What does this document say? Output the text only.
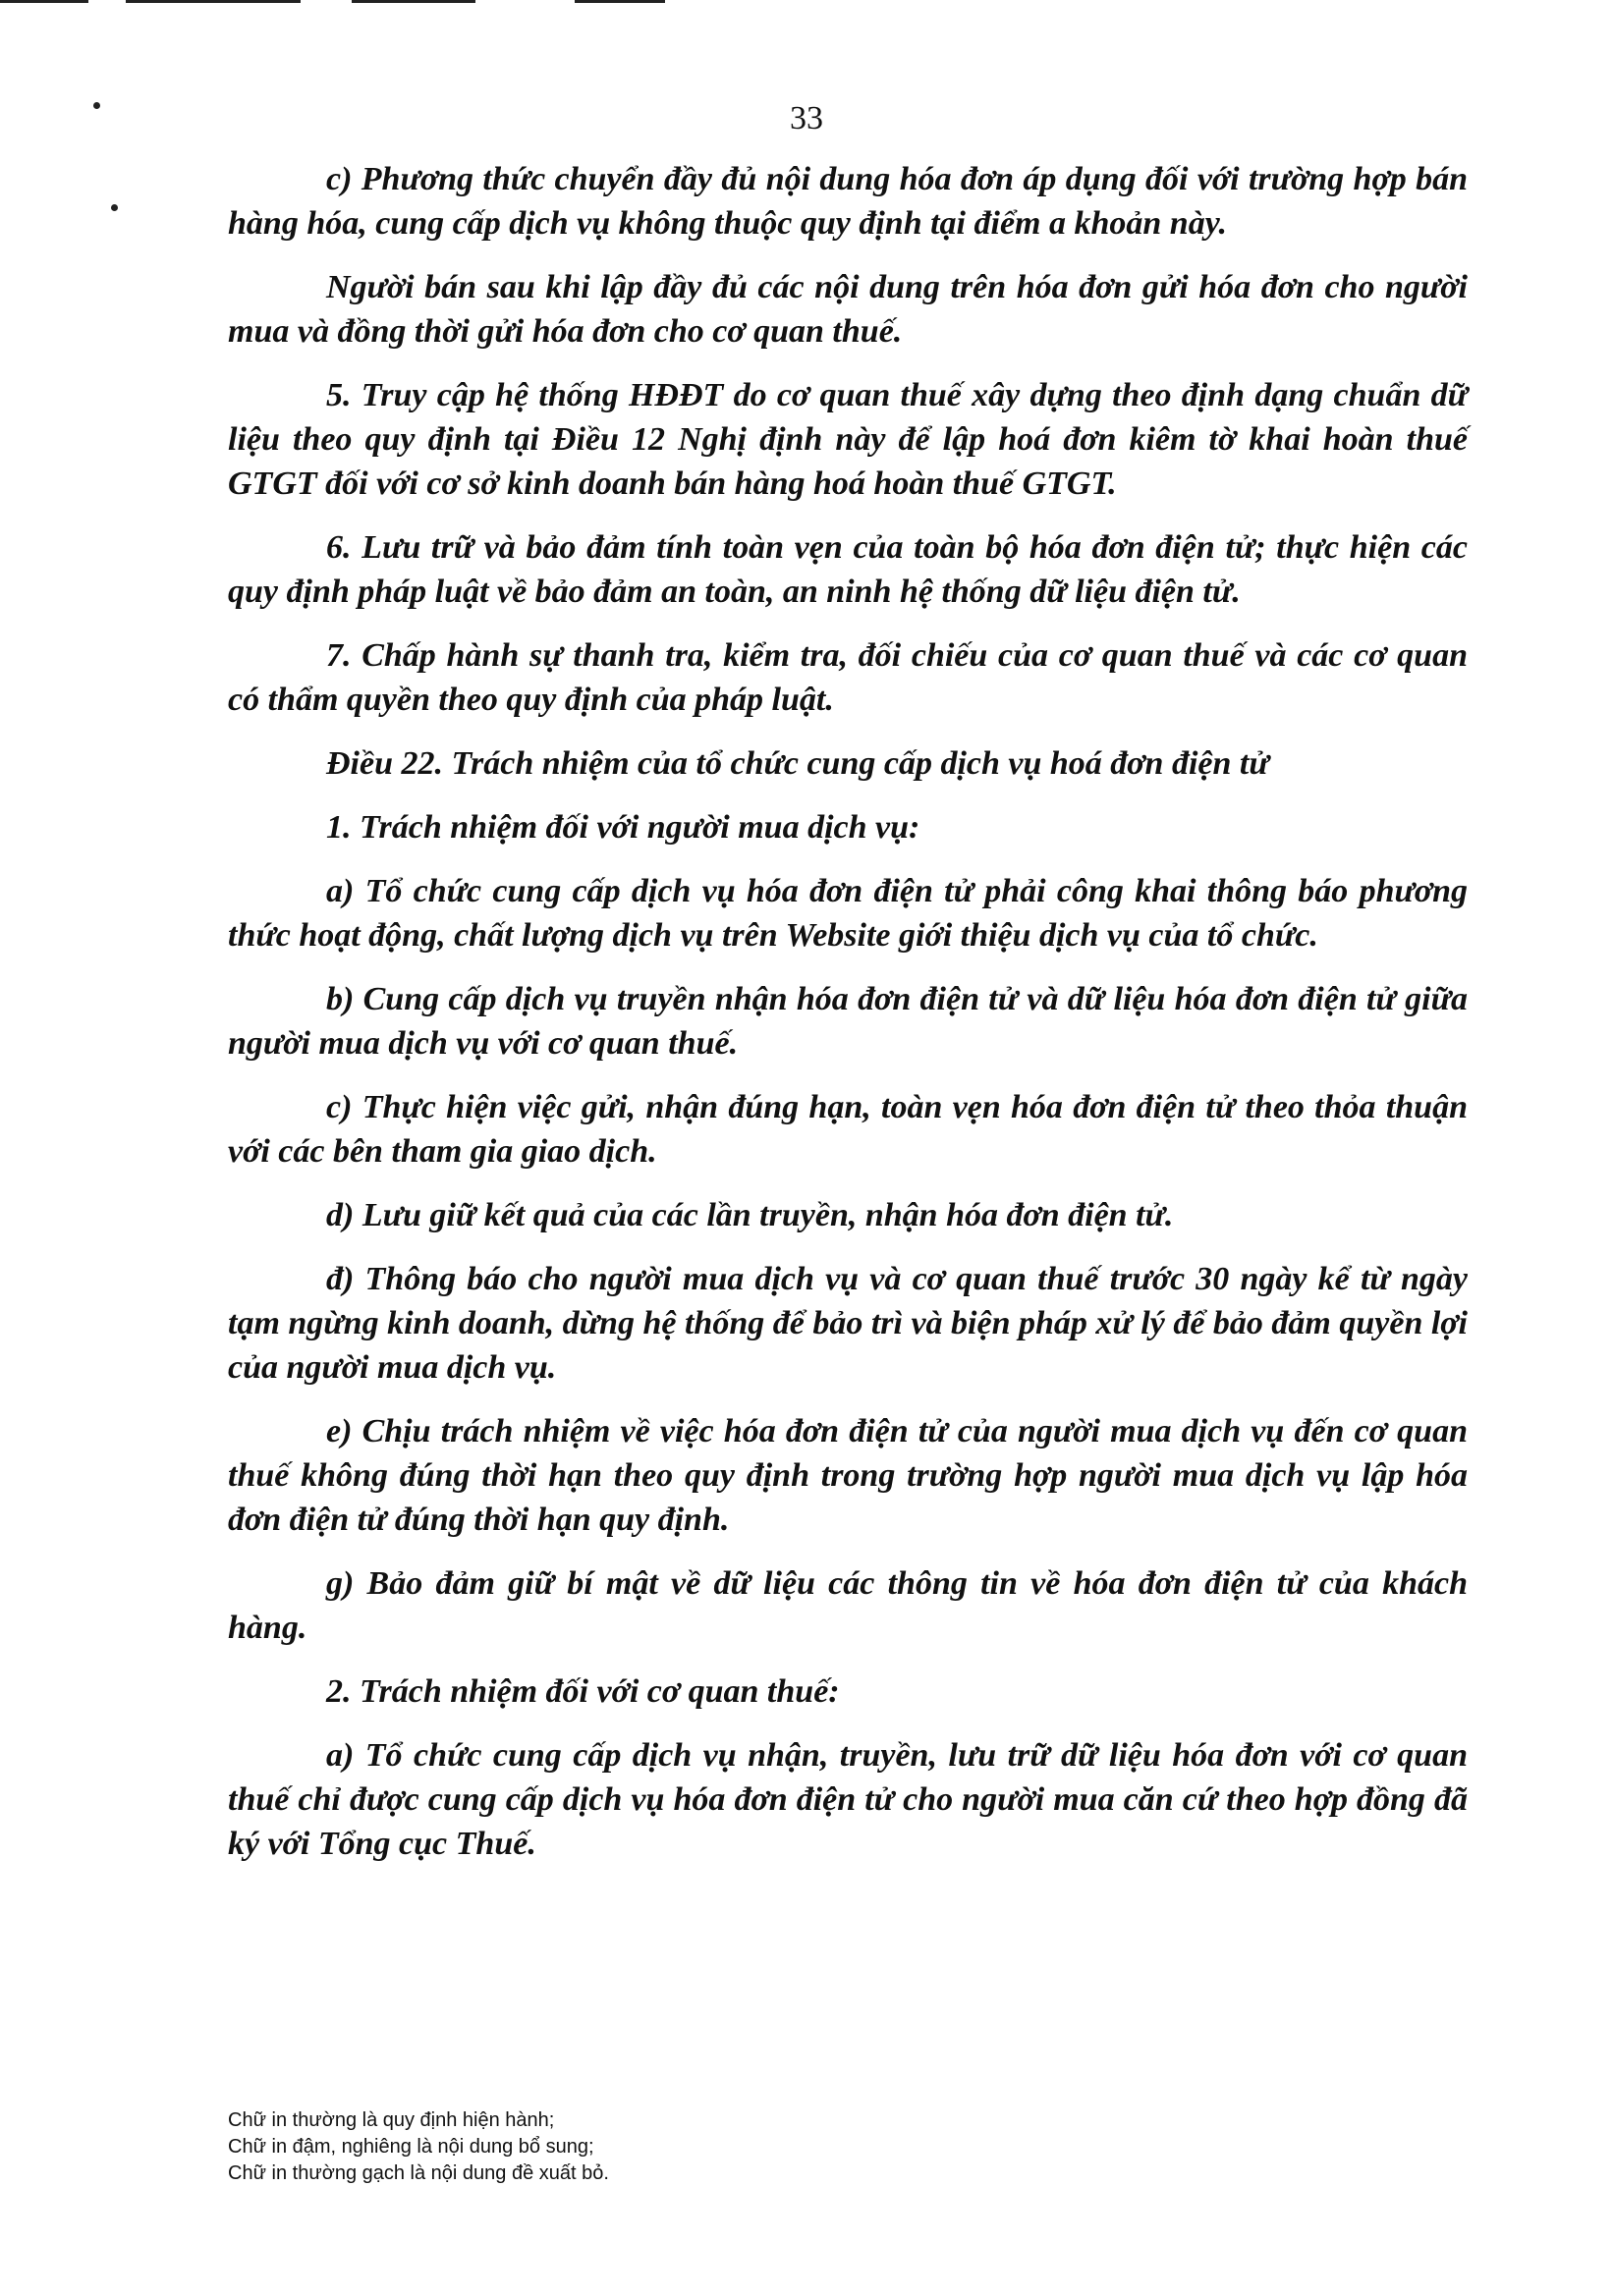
33

c) Phương thức chuyển đầy đủ nội dung hóa đơn áp dụng đối với trường hợp bán hàng hóa, cung cấp dịch vụ không thuộc quy định tại điểm a khoản này.

Người bán sau khi lập đầy đủ các nội dung trên hóa đơn gửi hóa đơn cho người mua và đồng thời gửi hóa đơn cho cơ quan thuế.

5. Truy cập hệ thống HĐĐT do cơ quan thuế xây dựng theo định dạng chuẩn dữ liệu theo quy định tại Điều 12 Nghị định này để lập hoá đơn kiêm tờ khai hoàn thuế GTGT đối với cơ sở kinh doanh bán hàng hoá hoàn thuế GTGT.

6. Lưu trữ và bảo đảm tính toàn vẹn của toàn bộ hóa đơn điện tử; thực hiện các quy định pháp luật về bảo đảm an toàn, an ninh hệ thống dữ liệu điện tử.

7. Chấp hành sự thanh tra, kiểm tra, đối chiếu của cơ quan thuế và các cơ quan có thẩm quyền theo quy định của pháp luật.

Điều 22. Trách nhiệm của tổ chức cung cấp dịch vụ hoá đơn điện tử

1. Trách nhiệm đối với người mua dịch vụ:

a) Tổ chức cung cấp dịch vụ hóa đơn điện tử phải công khai thông báo phương thức hoạt động, chất lượng dịch vụ trên Website giới thiệu dịch vụ của tổ chức.

b) Cung cấp dịch vụ truyền nhận hóa đơn điện tử và dữ liệu hóa đơn điện tử giữa người mua dịch vụ với cơ quan thuế.

c) Thực hiện việc gửi, nhận đúng hạn, toàn vẹn hóa đơn điện tử theo thỏa thuận với các bên tham gia giao dịch.

d) Lưu giữ kết quả của các lần truyền, nhận hóa đơn điện tử.

đ) Thông báo cho người mua dịch vụ và cơ quan thuế trước 30 ngày kể từ ngày tạm ngừng kinh doanh, dừng hệ thống để bảo trì và biện pháp xử lý để bảo đảm quyền lợi của người mua dịch vụ.

e) Chịu trách nhiệm về việc hóa đơn điện tử của người mua dịch vụ đến cơ quan thuế không đúng thời hạn theo quy định trong trường hợp người mua dịch vụ lập hóa đơn điện tử đúng thời hạn quy định.

g) Bảo đảm giữ bí mật về dữ liệu các thông tin về hóa đơn điện tử của khách hàng.

2. Trách nhiệm đối với cơ quan thuế:

a) Tổ chức cung cấp dịch vụ nhận, truyền, lưu trữ dữ liệu hóa đơn với cơ quan thuế chỉ được cung cấp dịch vụ hóa đơn điện tử cho người mua căn cứ theo hợp đồng đã ký với Tổng cục Thuế.

Chữ in thường là quy định hiện hành;
Chữ in đậm, nghiêng là nội dung bổ sung;
Chữ in thường gạch là nội dung đề xuất bỏ.
